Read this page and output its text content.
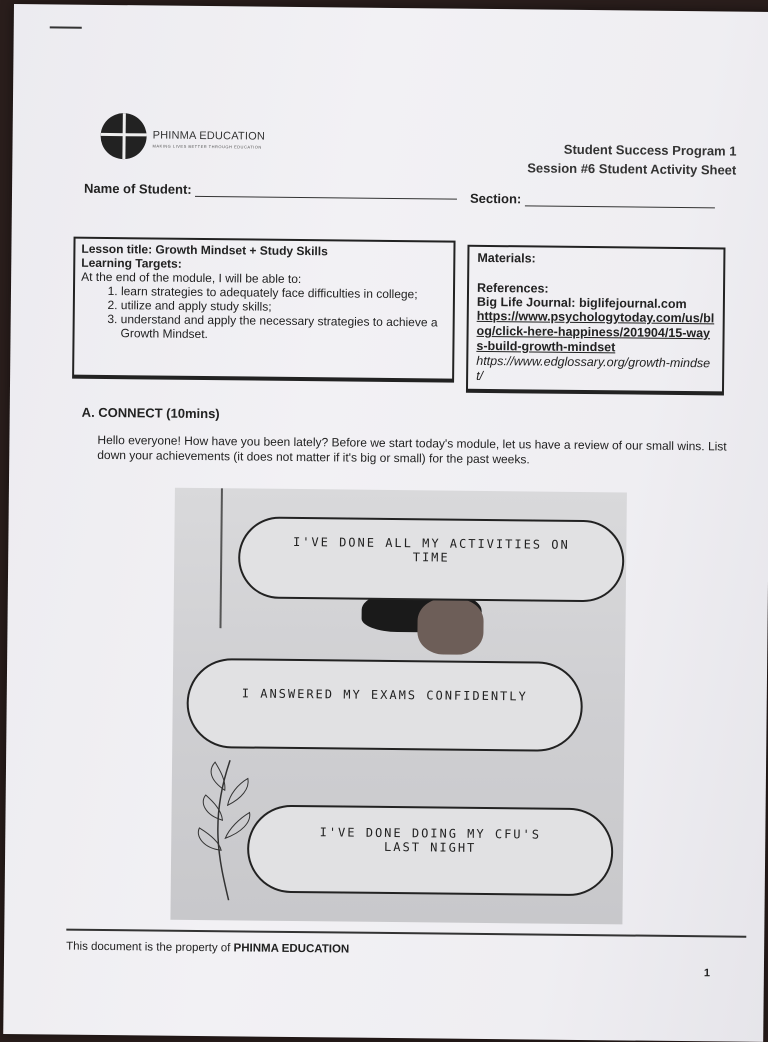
PHINMA EDUCATION
MAKING LIVES BETTER THROUGH EDUCATION	Student Success Program 1
Session #6 Student Activity Sheet
Name of Student:
Section:
Lesson title: Growth Mindset + Study Skills
Learning Targets:
At the end of the module, I will be able to:
1. learn strategies to adequately face difficulties in college;
2. utilize and apply study skills;
3. understand and apply the necessary strategies to achieve a Growth Mindset.
Materials:
References:
Big Life Journal: biglifejournal.com
https://www.psychologytoday.com/us/blog/click-here-happiness/201904/15-ways-build-growth-mindset
https://www.edglossary.org/growth-mindset/
A. CONNECT (10mins)
Hello everyone! How have you been lately? Before we start today's module, let us have a review of our small wins. List down your achievements (it does not matter if it's big or small) for the past weeks.
I'VE DONE ALL MY ACTIVITIES ON TIME
I ANSWERED MY EXAMS CONFIDENTLY
I'VE DONE DOING MY CFU'S LAST NIGHT
This document is the property of PHINMA EDUCATION
1
